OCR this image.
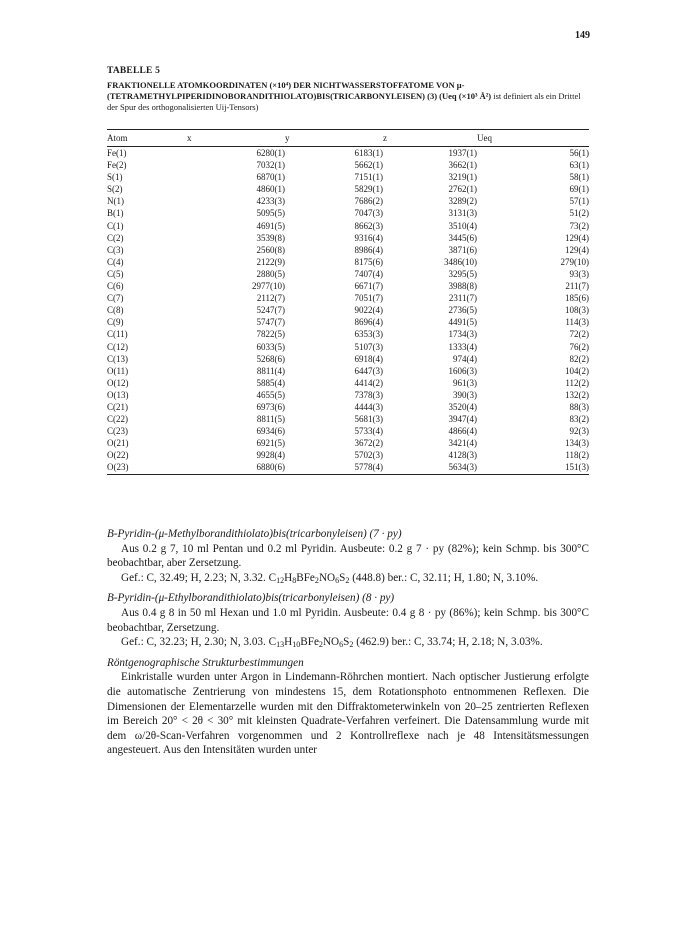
149
TABELLE 5
FRAKTIONELLE ATOMKOORDINATEN (×10⁴) DER NICHTWASSERSTOFFATOME VON μ-(TETRAMETHYLPIPERIDINOBORANDITHIOLATO)BIS(TRICARBONYLEISEN) (3) (Ueq (×10³ Å²) ist definiert als ein Drittel der Spur des orthogonalisierten Uij-Tensors)
Atom	x	y	z	Ueq
Fe(1)	6280(1)	6183(1)	1937(1)	56(1)
Fe(2)	7032(1)	5662(1)	3662(1)	63(1)
S(1)	6870(1)	7151(1)	3219(1)	58(1)
S(2)	4860(1)	5829(1)	2762(1)	69(1)
N(1)	4233(3)	7686(2)	3289(2)	57(1)
B(1)	5095(5)	7047(3)	3131(3)	51(2)
C(1)	4691(5)	8662(3)	3510(4)	73(2)
C(2)	3539(8)	9316(4)	3445(6)	129(4)
C(3)	2560(8)	8986(4)	3871(6)	129(4)
C(4)	2122(9)	8175(6)	3486(10)	279(10)
C(5)	2880(5)	7407(4)	3295(5)	93(3)
C(6)	2977(10)	6671(7)	3988(8)	211(7)
C(7)	2112(7)	7051(7)	2311(7)	185(6)
C(8)	5247(7)	9022(4)	2736(5)	108(3)
C(9)	5747(7)	8696(4)	4491(5)	114(3)
C(11)	7822(5)	6353(3)	1734(3)	72(2)
C(12)	6033(5)	5107(3)	1333(4)	76(2)
C(13)	5268(6)	6918(4)	974(4)	82(2)
O(11)	8811(4)	6447(3)	1606(3)	104(2)
O(12)	5885(4)	4414(2)	961(3)	112(2)
O(13)	4655(5)	7378(3)	390(3)	132(2)
C(21)	6973(6)	4444(3)	3520(4)	88(3)
C(22)	8811(5)	5681(3)	3947(4)	83(2)
C(23)	6934(6)	5733(4)	4866(4)	92(3)
O(21)	6921(5)	3672(2)	3421(4)	134(3)
O(22)	9928(4)	5702(3)	4128(3)	118(2)
O(23)	6880(6)	5778(4)	5634(3)	151(3)

B-Pyridin-(μ-Methylborandithiolato)bis(tricarbonyleisen) (7 · py)

Aus 0.2 g 7, 10 ml Pentan und 0.2 ml Pyridin. Ausbeute: 0.2 g 7 · py (82%); kein Schmp. bis 300°C beobachtbar, aber Zersetzung.

Gef.: C, 32.49; H, 2.23; N, 3.32. $C_{12}H_8BFe_2NO_6S_2$ (448.8) ber.: C, 32.11; H, 1.80; N, 3.10%.

B-Pyridin-(μ-Ethylborandithiolato)bis(tricarbonyleisen) (8 · py)

Aus 0.4 g 8 in 50 ml Hexan und 1.0 ml Pyridin. Ausbeute: 0.4 g 8 · py (86%); kein Schmp. bis 300°C beobachtbar, Zersetzung.

Gef.: C, 32.23; H, 2.30; N, 3.03. $C_{13}H_{10}BFe_2NO_6S_2$ (462.9) ber.: C, 33.74; H, 2.18; N, 3.03%.

Röntgenographische Strukturbestimmungen

Einkristalle wurden unter Argon in Lindemann-Röhrchen montiert. Nach optischer Justierung erfolgte die automatische Zentrierung von mindestens 15, dem Rotationsphoto entnommenen Reflexen. Die Dimensionen der Elementarzelle wurden mit den Diffraktometerwinkeln von 20–25 zentrierten Reflexen im Bereich 20° < 2θ < 30° mit kleinsten Quadrate-Verfahren verfeinert. Die Datensammlung wurde mit dem ω/2θ-Scan-Verfahren vorgenommen und 2 Kontrollreflexe nach je 48 Intensitätsmessungen angesteuert. Aus den Intensitäten wurden unter
